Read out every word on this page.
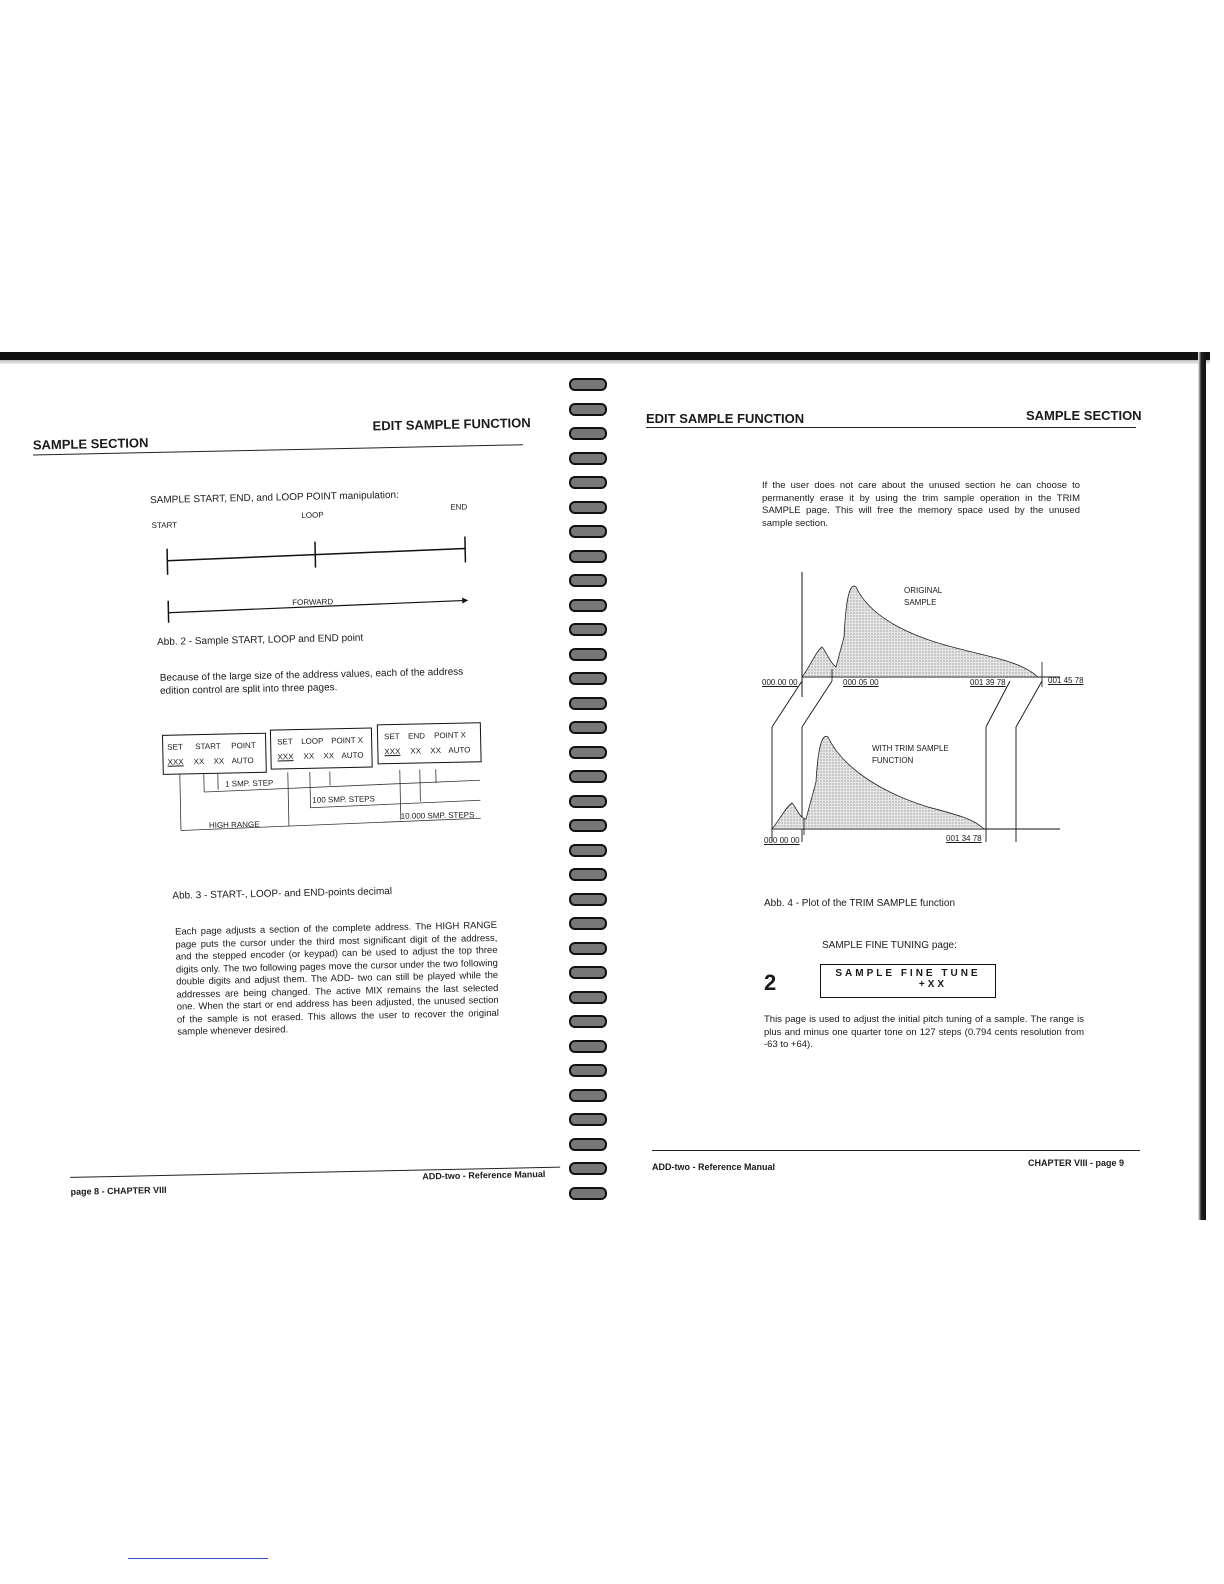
SAMPLE SECTION
EDIT SAMPLE FUNCTION
SAMPLE START, END, and LOOP POINT manipulation:
START
LOOP
END
FORWARD
Abb. 2 - Sample START, LOOP and END point
Because of the large size of the address values, each of the address edition control are split into three pages.
SET START POINT
XXX XX XX AUTO
SET LOOP POINT X
XXX XX XX AUTO
SET END POINT X
XXX XX XX AUTO
1 SMP. STEP
100 SMP. STEPS
HIGH RANGE
10.000 SMP. STEPS
Abb. 3 - START-, LOOP- and END-points decimal
Each page adjusts a section of the complete address. The HIGH RANGE page puts the cursor under the third most significant digit of the address, and the stepped encoder (or keypad) can be used to adjust the top three digits only. The two following pages move the cursor under the two following double digits and adjust them. The ADD- two can still be played while the addresses are being changed. The active MIX remains the last selected one. When the start or end address has been adjusted, the unused section of the sample is not erased. This allows the user to recover the original sample whenever desired.
page 8 - CHAPTER VIII
ADD-two - Reference Manual
EDIT SAMPLE FUNCTION	SAMPLE SECTION
If the user does not care about the unused section he can choose to permanently erase it by using the trim sample operation in the TRIM SAMPLE page. This will free the memory space used by the unused sample section.
ORIGINAL
SAMPLE
000 00 00	000 05 00	001 39 78	001 45 78
WITH TRIM SAMPLE
FUNCTION
000 00 00	001 34 78
Abb. 4 - Plot of the TRIM SAMPLE function
SAMPLE FINE TUNING page:
2	SAMPLE FINE TUNE
+XX
This page is used to adjust the initial pitch tuning of a sample. The range is plus and minus one quarter tone on 127 steps (0.794 cents resolution from -63 to +64).
ADD-two - Reference Manual	CHAPTER VIII - page 9
